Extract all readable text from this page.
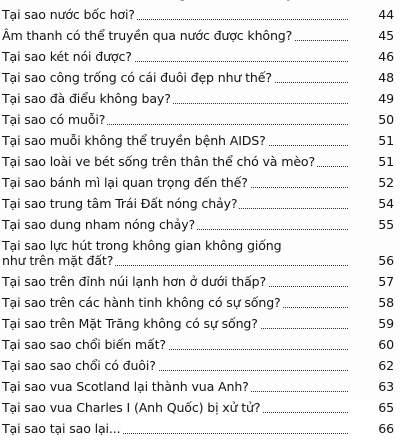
Tại sao nước bốc hơi?	44
Âm thanh có thể truyền qua nước được không?	45
Tại sao két nói được?	46
Tại sao công trống có cái đuôi đẹp như thế?	48
Tại sao đà điểu không bay?	49
Tại sao có muỗi?	50
Tại sao muỗi không thể truyền bệnh AIDS?	51
Tại sao loài ve bét sống trên thân thể chó và mèo?	51
Tại sao bánh mì lại quan trọng đến thế?	52
Tại sao trung tâm Trái Đất nóng chảy?	54
Tại sao dung nham nóng chảy?	55
Tại sao lực hút trong không gian không giống
như trên mặt đất?	56
Tại sao trên đỉnh núi lạnh hơn ở dưới thấp?	57
Tại sao trên các hành tinh không có sự sống?	58
Tại sao trên Mặt Trăng không có sự sống?	59
Tại sao sao chổi biến mất?	60
Tại sao sao chổi có đuôi?	62
Tại sao vua Scotland lại thành vua Anh?	63
Tại sao vua Charles I (Anh Quốc) bị xử tử?	65
Tại sao tại sao lại...	66
